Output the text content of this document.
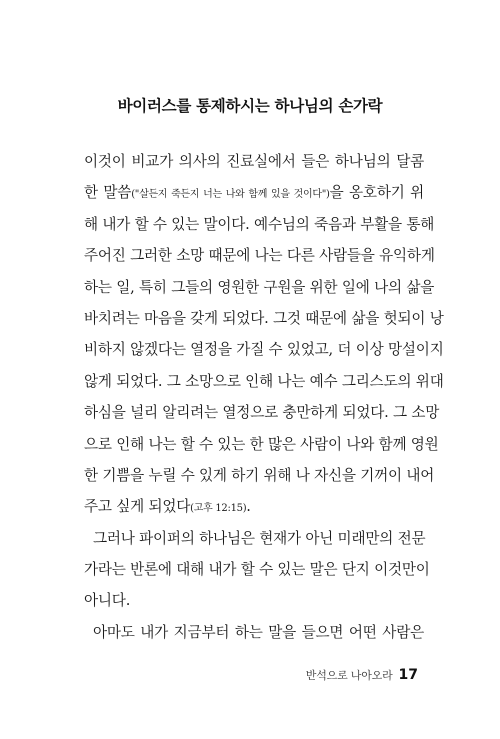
바이러스를 통제하시는 하나님의 손가락
이것이 비교가 의사의 진료실에서 들은 하나님의 달콤
한 말씀("살든지 죽든지 너는 나와 함께 있을 것이다")을 옹호하기 위
해 내가 할 수 있는 말이다. 예수님의 죽음과 부활을 통해
주어진 그러한 소망 때문에 나는 다른 사람들을 유익하게
하는 일, 특히 그들의 영원한 구원을 위한 일에 나의 삶을
바치려는 마음을 갖게 되었다. 그것 때문에 삶을 헛되이 낭
비하지 않겠다는 열정을 가질 수 있었고, 더 이상 망설이지
않게 되었다. 그 소망으로 인해 나는 예수 그리스도의 위대
하심을 널리 알리려는 열정으로 충만하게 되었다. 그 소망
으로 인해 나는 할 수 있는 한 많은 사람이 나와 함께 영원
한 기쁨을 누릴 수 있게 하기 위해 나 자신을 기꺼이 내어
주고 싶게 되었다(고후 12:15).
그러나 파이퍼의 하나님은 현재가 아닌 미래만의 전문
가라는 반론에 대해 내가 할 수 있는 말은 단지 이것만이
아니다.
아마도 내가 지금부터 하는 말을 들으면 어떤 사람은
반석으로 나아오라 17
